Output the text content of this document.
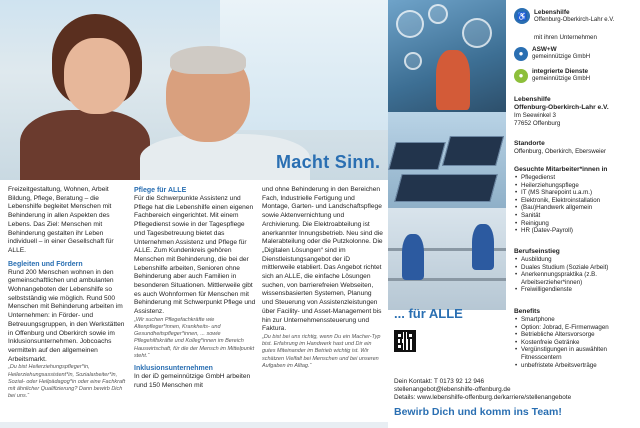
Macht Sinn.
... für ALLE

Freizeitgestaltung, Wohnen, Arbeit Bildung, Pflege, Beratung – die Lebenshilfe begleitet Menschen mit Behinderung in allen Aspekten des Lebens. Das Ziel: Menschen mit Behinderung gestalten ihr Leben individuell – in einer Gesellschaft für ALLE.

Begleiten und Fördern

Rund 200 Menschen wohnen in den gemeinschaftlichen und ambulanten Wohnangeboten der Lebenshilfe so selbstständig wie möglich. Rund 500 Menschen mit Behinderung arbeiten im Unternehmen: in Förder- und Betreuungsgruppen, in den Werkstätten in Offenburg und Oberkirch sowie im Inklusionsunternehmen. Jobcoachs vermitteln auf den allgemeinen Arbeitsmarkt.

„Du bist Heilerziehungspfleger*in, Heilerziehungsassistent*in, Sozialarbeiter*in, Sozial- oder Heilpädagog*in oder eine Fachkraft mit ähnlicher Qualifizierung? Dann bewirb Dich bei uns.“

Pflege für ALLE

Für die Schwerpunkte Assistenz und Pflege hat die Lebenshilfe einen eigenen Fachbereich eingerichtet. Mit einem Pflegedienst sowie in der Tagespflege und Tagesbetreuung bietet das Unternehmen Assistenz und Pflege für ALLE. Zum Kundenkreis gehören Menschen mit Behinderung, die bei der Lebenshilfe arbeiten, Senioren ohne Behinderung aber auch Familien in besonderen Situationen. Mittlerweile gibt es auch Wohnformen für Menschen mit Behinderung mit Schwerpunkt Pflege und Assistenz.

„Wir suchen Pflegefachkräfte wie Altenpfleger*innen, Krankheits- und Gesundheitspfleger*innen, ... sowie Pflegehilfskräfte und Kolleg*innen im Bereich Hauswirtschaft, für die der Mensch im Mittelpunkt steht.“

Inklusionsunternehmen

In der iD gemeinnützige GmbH arbeiten rund 150 Menschen mit

und ohne Behinderung in den Bereichen Fach, Industrielle Fertigung und Montage, Garten- und Landschaftspflege sowie Aktenvernichtung und Archivierung. Die Elektroabteilung ist anerkannter Innungsbetrieb. Neu sind die Malerabteilung oder die Putzkolonne. Die „Digitalen Lösungen“ sind im Dienstleistungsangebot der iD mittlerweile etabliert. Das Angebot richtet sich an ALLE, die einfache Lösungen suchen, von barrierefreien Webseiten, wissensbasierten Systemen, Planung und Steuerung von Assistenzleistungen über Facility- und Asset-Management bis hin zur Unternehmenssteuerung und Faktura.

„Du bist bei uns richtig, wenn Du ein Macher-Typ bist. Erfahrung im Handwerk hast und Dir ein gutes Miteinander im Betrieb wichtig ist. Wir schätzen Vielfalt bei Menschen und bei unseren Aufgaben im Alltag.“

♿	Lebenshilfe
Offenburg-Oberkirch-Lahr e.V.
mit ihren Unternehmen
●	ASW+W
gemeinnützige GmbH
●	integrierte Dienste
gemeinnützige GmbH
Lebenshilfe
Offenburg-Oberkirch-Lahr e.V.
Im Seewinkel 3
77652 Offenburg
Standorte
Offenburg, Oberkirch, Ebersweier
Gesuchte Mitarbeiter*innen in
• Pflegedienst
• Heilerziehungspflege
• IT (MS Sharepoint u.a.m.)
• Elektronik, Elektroinstallation
• (Bau)Handwerk allgemein
• Sanität
• Reinigung
• HR (Datev-Payroll)
Berufseinstieg
• Ausbildung
• Duales Studium (Soziale Arbeit)
• Anerkennungspraktika (z.B. Arbeitserzieher*innen)
• Freiwilligendienste
Benefits
• Smartphone
• Option: Jobrad, E-Firmenwagen
• Betriebliche Altersvorsorge
• Kostenfreie Getränke
• Vergünstigungen in auswählten Fitnesscentern
• unbefristete Arbeitsverträge
Dein Kontakt: T 0173 92 12 946
stellenangebot@lebenshilfe-offenburg.de
Details: www.lebenshilfe-offenburg.de/karriere/stellenangebote
Bewirb Dich und komm ins Team!
